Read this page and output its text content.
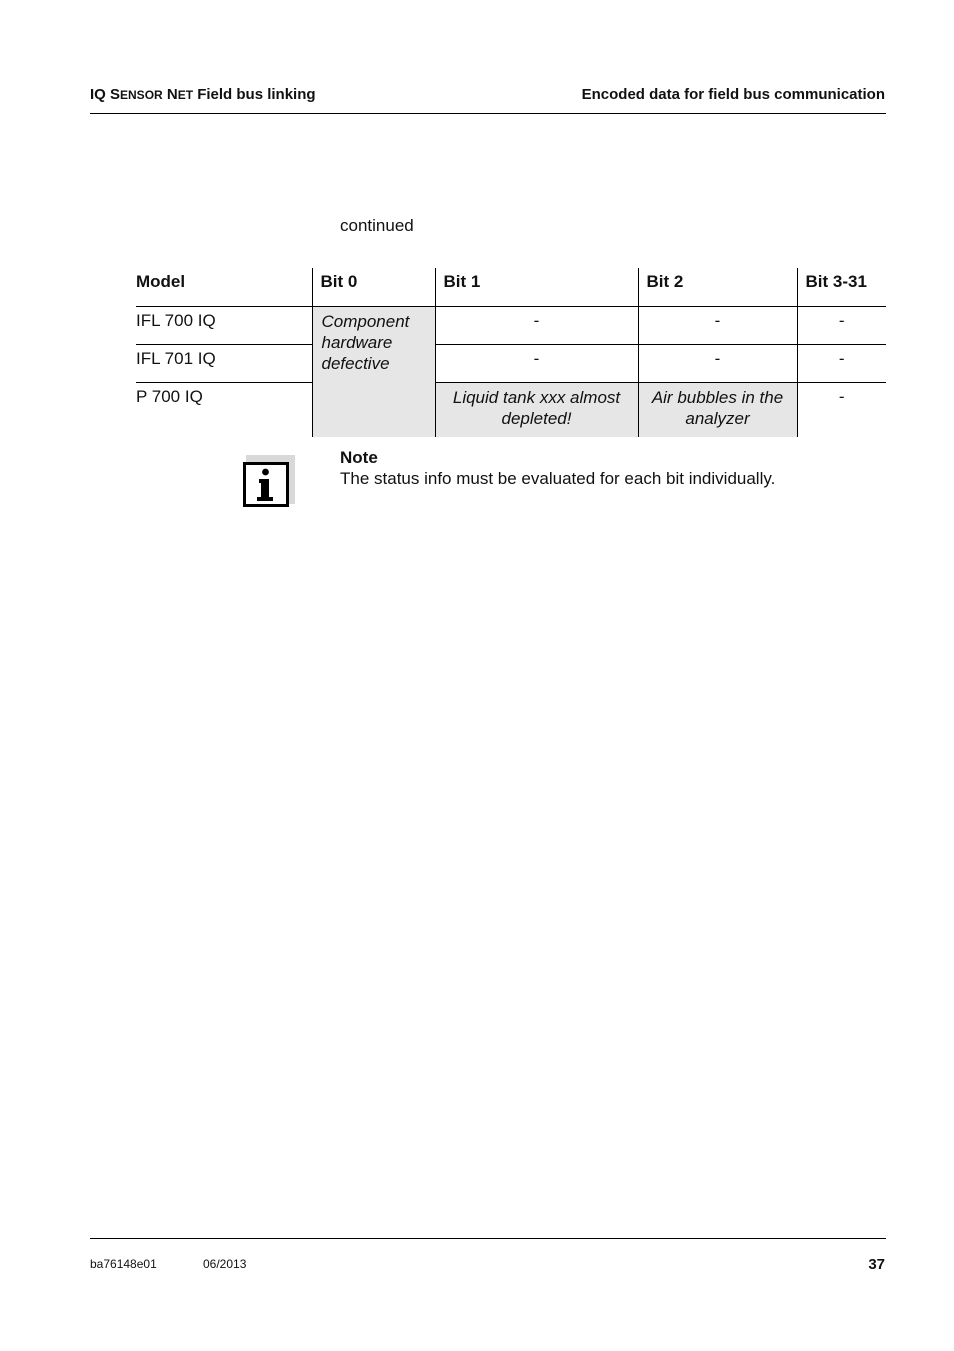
IQ SENSOR NET Field bus linking	Encoded data for field bus communication
continued
Model	Bit 0	Bit 1	Bit 2	Bit 3-31
IFL 700 IQ	Component hardware defective	-	-	-
IFL 701 IQ		-	-	-
P 700 IQ		Liquid tank xxx almost depleted!	Air bubbles in the analyzer	-
Note
The status info must be evaluated for each bit individually.
ba76148e01	06/2013	37
